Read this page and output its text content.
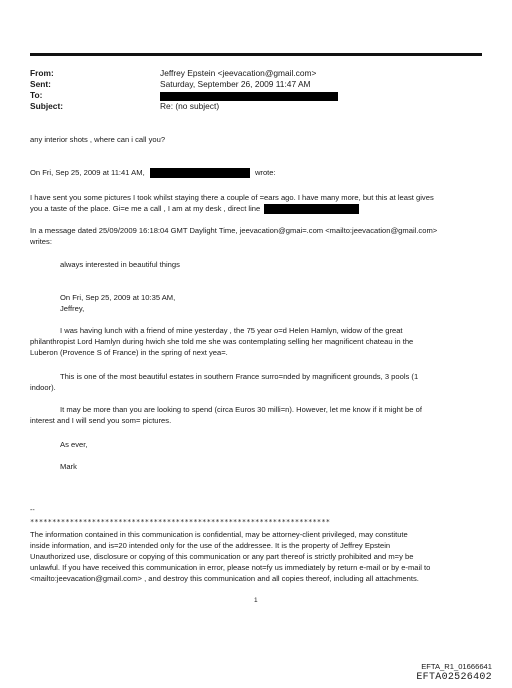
From:	Jeffrey Epstein <jeevacation@gmail.com>
Sent:	Saturday, September 26, 2009 11:47 AM
To:
Subject:	Re: (no subject)
any interior shots , where can i call you?
On Fri, Sep 25, 2009 at 11:41 AM,	wrote:
I have sent you some pictures I took whilst staying there a couple of =ears ago. I have many more, but this at least gives
you a taste of the place. Gi=e me a call , I am at my desk , direct line
In a message dated 25/09/2009 16:18:04 GMT Daylight Time, jeevacation@gmai=.com <mailto:jeevacation@gmail.com>
writes:
always interested in beautiful things
On Fri, Sep 25, 2009 at 10:35 AM,
Jeffrey,
I was having lunch with a friend of mine yesterday , the 75 year o=d Helen Hamlyn, widow of the great
philanthropist Lord Hamlyn during hwich she told me she was contemplating selling her magnificent chateau in the
Luberon (Provence S of France) in the spring of next yea=.
This is one of the most beautiful estates in southern France surro=nded by magnificent grounds, 3 pools (1
indoor).
It may be more than you are looking to spend (circa Euros 30 milli=n). However, let me know if it might be of
interest and I will send you som= pictures.
As ever,
Mark
--
********************************************************************
The information contained in this communication is confidential, may be attorney-client privileged, may constitute
inside information, and is=20 intended only for the use of the addressee. It is the property of Jeffrey Epstein
Unauthorized use, disclosure or copying of this communication or any part thereof is strictly prohibited and m=y be
unlawful. If you have received this communication in error, please not=fy us immediately by return e-mail or by e-mail to
<mailto:jeevacation@gmail.com> , and destroy this communication and all copies thereof, including all attachments.
1
EFTA_R1_01666641
EFTA02526402
